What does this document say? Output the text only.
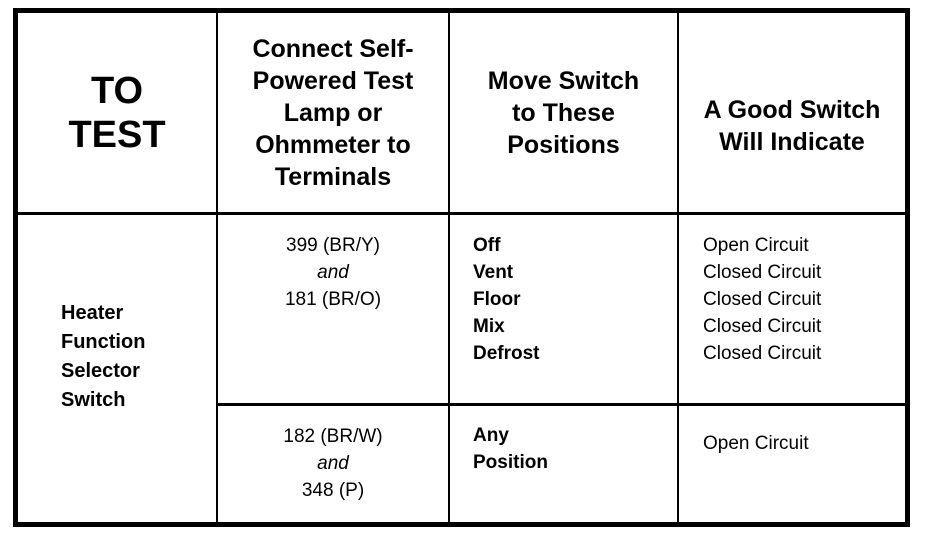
TO
TEST
Connect Self-
Powered Test
Lamp or
Ohmmeter to
Terminals
Move Switch
to These
Positions
A Good Switch
Will Indicate
Heater
Function
Selector
Switch
399 (BR/Y)
and
181 (BR/O)
Off
Vent
Floor
Mix
Defrost
Open Circuit
Closed Circuit
Closed Circuit
Closed Circuit
Closed Circuit
182 (BR/W)
and
348 (P)
Any
Position
Open Circuit
